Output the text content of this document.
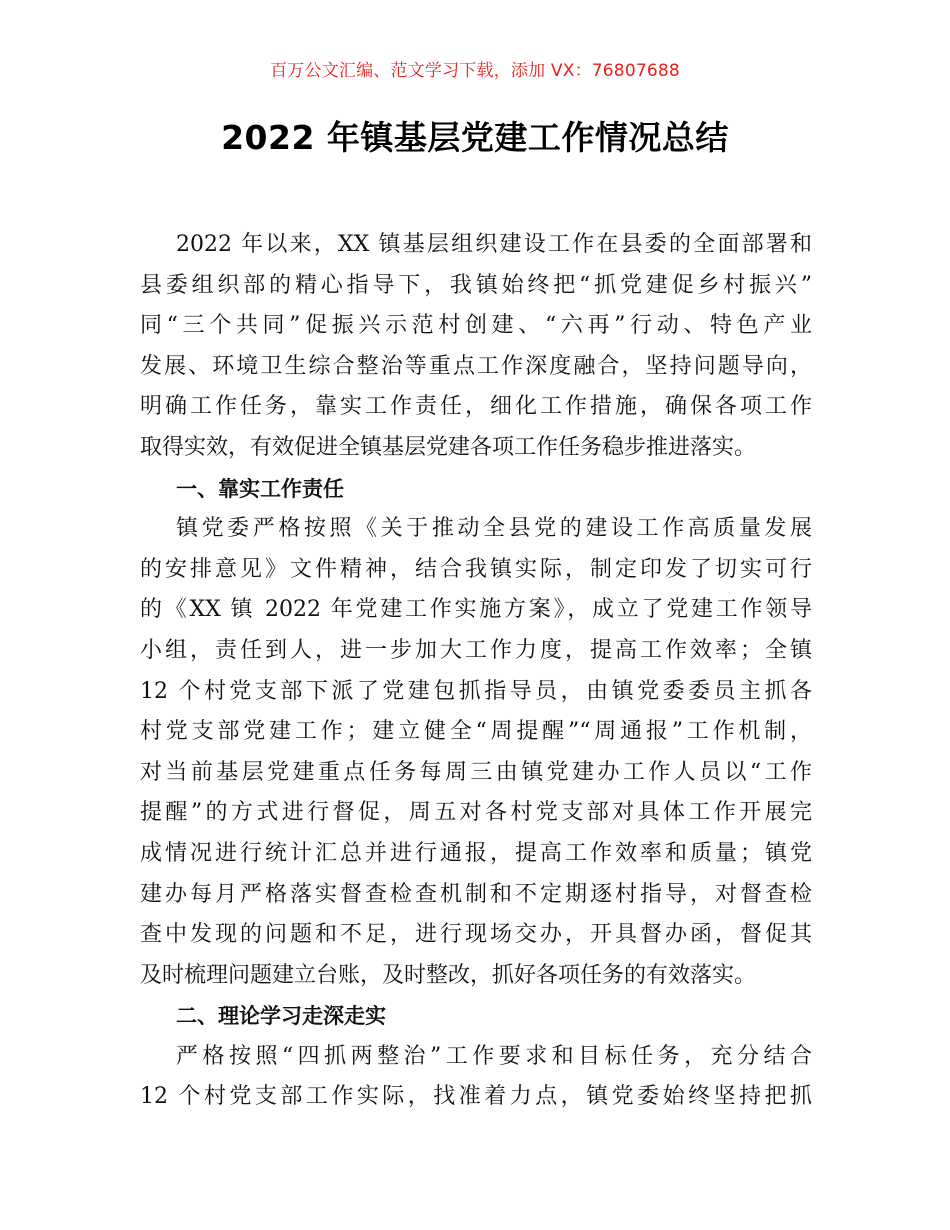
百万公文汇编、范文学习下载，添加 VX：76807688
2022 年镇基层党建工作情况总结
2022 年以来，XX 镇基层组织建设工作在县委的全面部署和
县委组织部的精心指导下，我镇始终把“抓党建促乡村振兴”
同“三个共同”促振兴示范村创建、“六再”行动、特色产业
发展、环境卫生综合整治等重点工作深度融合，坚持问题导向，
明确工作任务，靠实工作责任，细化工作措施，确保各项工作
取得实效，有效促进全镇基层党建各项工作任务稳步推进落实。
一、靠实工作责任
镇党委严格按照《关于推动全县党的建设工作高质量发展
的安排意见》文件精神，结合我镇实际，制定印发了切实可行
的《XX 镇 2022 年党建工作实施方案》，成立了党建工作领导
小组，责任到人，进一步加大工作力度，提高工作效率；全镇
12 个村党支部下派了党建包抓指导员，由镇党委委员主抓各
村党支部党建工作；建立健全“周提醒”“周通报”工作机制，
对当前基层党建重点任务每周三由镇党建办工作人员以“工作
提醒”的方式进行督促，周五对各村党支部对具体工作开展完
成情况进行统计汇总并进行通报，提高工作效率和质量；镇党
建办每月严格落实督查检查机制和不定期逐村指导，对督查检
查中发现的问题和不足，进行现场交办，开具督办函，督促其
及时梳理问题建立台账，及时整改，抓好各项任务的有效落实。
二、理论学习走深走实
严格按照“四抓两整治”工作要求和目标任务，充分结合
12 个村党支部工作实际，找准着力点，镇党委始终坚持把抓
